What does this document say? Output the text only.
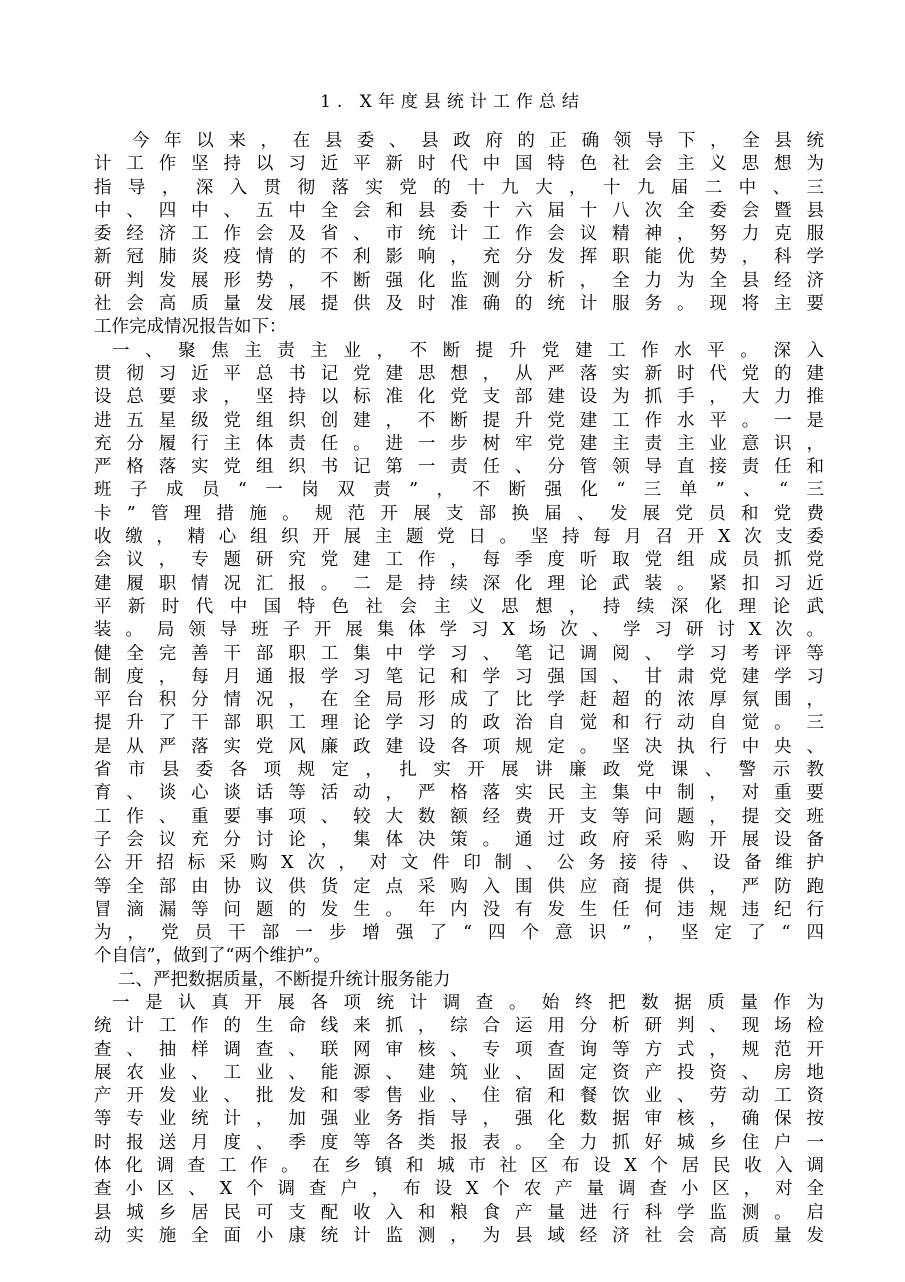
1. X年度县统计工作总结
今年以来，在县委、县政府的正确领导下，全县统
计工作坚持以习近平新时代中国特色社会主义思想为
指导，深入贯彻落实党的十九大，十九届二中、三
中、四中、五中全会和县委十六届十八次全委会暨县
委经济工作会及省、市统计工作会议精神，努力克服
新冠肺炎疫情的不利影响，充分发挥职能优势，科学
研判发展形势，不断强化监测分析，全力为全县经济
社会高质量发展提供及时准确的统计服务。现将主要
工作完成情况报告如下：
一、聚焦主责主业，不断提升党建工作水平。深入
贯彻习近平总书记党建思想，从严落实新时代党的建
设总要求，坚持以标准化党支部建设为抓手，大力推
进五星级党组织创建，不断提升党建工作水平。一是
充分履行主体责任。进一步树牢党建主责主业意识，
严格落实党组织书记第一责任、分管领导直接责任和
班子成员“一岗双责”，不断强化“三单”、“三
卡”管理措施。规范开展支部换届、发展党员和党费
收缴，精心组织开展主题党日。坚持每月召开X次支委
会议，专题研究党建工作，每季度听取党组成员抓党
建履职情况汇报。二是持续深化理论武装。紧扣习近
平新时代中国特色社会主义思想，持续深化理论武
装。局领导班子开展集体学习X场次、学习研讨X次。
健全完善干部职工集中学习、笔记调阅、学习考评等
制度，每月通报学习笔记和学习强国、甘肃党建学习
平台积分情况，在全局形成了比学赶超的浓厚氛围，
提升了干部职工理论学习的政治自觉和行动自觉。三
是从严落实党风廉政建设各项规定。坚决执行中央、
省市县委各项规定，扎实开展讲廉政党课、警示教
育、谈心谈话等活动，严格落实民主集中制，对重要
工作、重要事项、较大数额经费开支等问题，提交班
子会议充分讨论，集体决策。通过政府采购开展设备
公开招标采购X次，对文件印制、公务接待、设备维护
等全部由协议供货定点采购入围供应商提供，严防跑
冒滴漏等问题的发生。年内没有发生任何违规违纪行
为，党员干部一步增强了“四个意识”，坚定了“四
个自信”，做到了“两个维护”。
二、严把数据质量，不断提升统计服务能力
一是认真开展各项统计调查。始终把数据质量作为
统计工作的生命线来抓，综合运用分析研判、现场检
查、抽样调查、联网审核、专项查询等方式，规范开
展农业、工业、能源、建筑业、固定资产投资、房地
产开发业、批发和零售业、住宿和餐饮业、劳动工资
等专业统计，加强业务指导，强化数据审核，确保按
时报送月度、季度等各类报表。全力抓好城乡住户一
体化调查工作。在乡镇和城市社区布设X个居民收入调
查小区、X个调查户，布设X个农产量调查小区，对全
县城乡居民可支配收入和粮食产量进行科学监测。启
动实施全面小康统计监测，为县域经济社会高质量发
